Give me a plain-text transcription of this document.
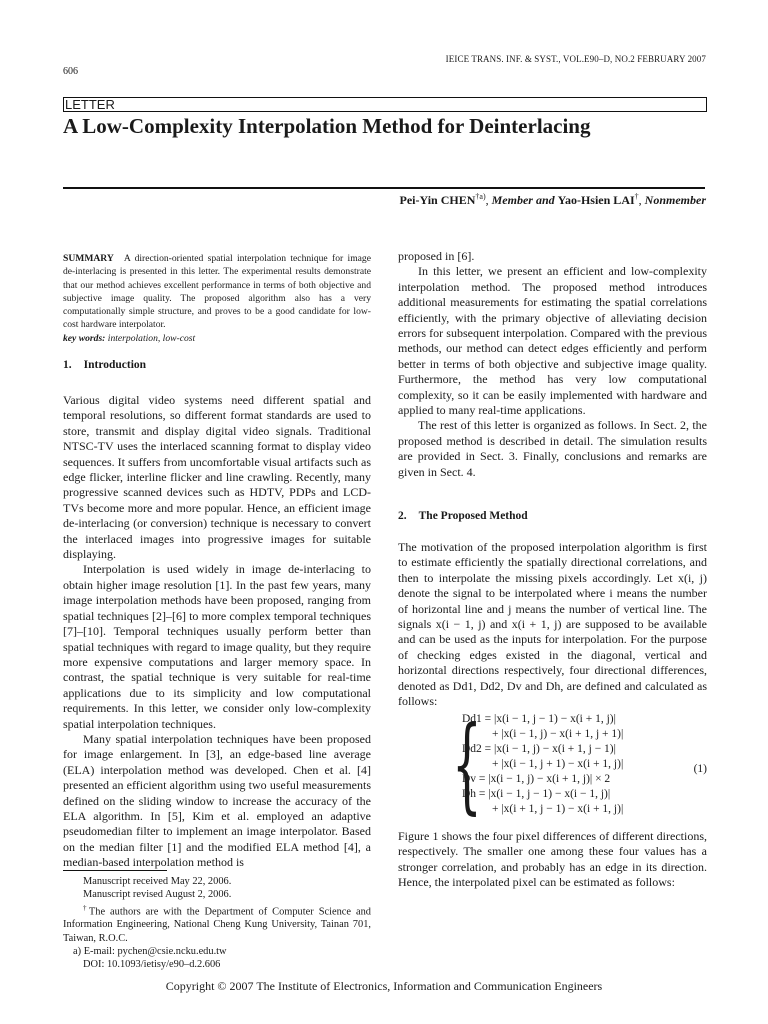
606
IEICE TRANS. INF. & SYST., VOL.E90–D, NO.2 FEBRUARY 2007
LETTER
A Low-Complexity Interpolation Method for Deinterlacing
Pei-Yin CHEN$^{\dagger a)}$, Member and Yao-Hsien LAI†, Nonmember
SUMMARY A direction-oriented spatial interpolation technique for image de-interlacing is presented in this letter. The experimental results demonstrate that our method achieves excellent performance in terms of both objective and subjective image quality. The proposed algorithm also has a very computationally simple structure, and proves to be a good candidate for low-cost hardware interpolator.
key words: interpolation, low-cost
1. Introduction

Various digital video systems need different spatial and temporal resolutions, so different format standards are used to store, transmit and display digital video signals. Traditional NTSC-TV uses the interlaced scanning format to display video sequences. It suffers from uncomfortable visual artifacts such as edge flicker, interline flicker and line crawling. Recently, many progressive scanned devices such as HDTV, PDPs and LCD-TVs become more and more popular. Hence, an efficient image de-interlacing (or conversion) technique is necessary to convert the interlaced images into progressive images for suitable displaying.

Interpolation is used widely in image de-interlacing to obtain higher image resolution [1]. In the past few years, many image interpolation methods have been proposed, ranging from spatial techniques [2]–[6] to more complex temporal techniques [7]–[10]. Temporal techniques usually perform better than spatial techniques with regard to image quality, but they require more expensive computations and larger memory space. In contrast, the spatial technique is very suitable for real-time applications due to its simplicity and low computational requirements. In this letter, we consider only low-complexity spatial interpolation techniques.

Many spatial interpolation techniques have been proposed for image enlargement. In [3], an edge-based line average (ELA) interpolation method was developed. Chen et al. [4] presented an efficient algorithm using two useful measurements defined on the sliding window to increase the accuracy of the ELA algorithm. In [5], Kim et al. employed an adaptive pseudomedian filter to implement an image interpolator. Based on the median filter [1] and the modified ELA method [4], a median-based interpolation method is

Manuscript received May 22, 2006.

Manuscript revised August 2, 2006.

†The authors are with the Department of Computer Science and Information Engineering, National Cheng Kung University, Tainan 701, Taiwan, R.O.C.

a) E-mail: pychen@csie.ncku.edu.tw

DOI: 10.1093/ietisy/e90–d.2.606

proposed in [6].

In this letter, we present an efficient and low-complexity interpolation method. The proposed method introduces additional measurements for estimating the spatial correlations efficiently, with the primary objective of alleviating decision errors for subsequent interpolation. Compared with the previous methods, our method can detect edges efficiently and perform better in terms of both objective and subjective image quality. Furthermore, the method has very low computational complexity, so it can be easily implemented with hardware and applied to many real-time applications.

The rest of this letter is organized as follows. In Sect. 2, the proposed method is described in detail. The simulation results are provided in Sect. 3. Finally, conclusions and remarks are given in Sect. 4.

2. The Proposed Method

The motivation of the proposed interpolation algorithm is first to estimate efficiently the spatially directional correlations, and then to interpolate the missing pixels accordingly. Let x(i, j) denote the signal to be interpolated where i means the number of horizontal line and j means the number of vertical line. The signals x(i − 1, j) and x(i + 1, j) are supposed to be available and can be used as the inputs for interpolation. For the purpose of checking edges existed in the diagonal, vertical and horizontal directions respectively, four directional differences, denoted as Dd1, Dd2, Dv and Dh, are defined and calculated as follows:

{
Dd1 = |x(i − 1, j − 1) − x(i + 1, j)|
+ |x(i − 1, j) − x(i + 1, j + 1)|
Dd2 = |x(i − 1, j) − x(i + 1, j − 1)|
+ |x(i − 1, j + 1) − x(i + 1, j)|
Dv = |x(i − 1, j) − x(i + 1, j)| × 2
Dh = |x(i − 1, j − 1) − x(i − 1, j)|
+ |x(i + 1, j − 1) − x(i + 1, j)|
(1)

Figure 1 shows the four pixel differences of different directions, respectively. The smaller one among these four values has a stronger correlation, and probably has an edge in its direction. Hence, the interpolated pixel can be estimated as follows:

Copyright © 2007 The Institute of Electronics, Information and Communication Engineers
